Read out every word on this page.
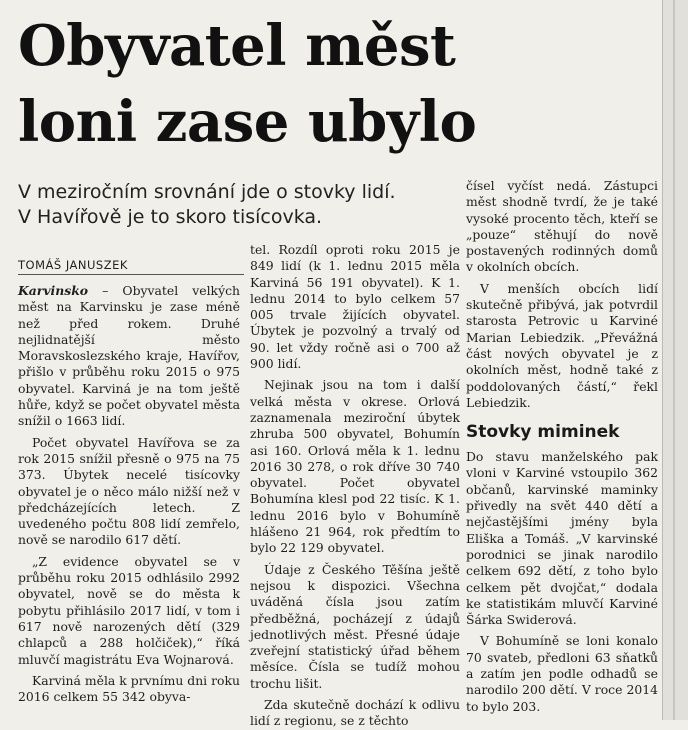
Obyvatel měst
loni zase ubylo
V meziročním srovnání jde o stovky lidí.
V Havířově je to skoro tisícovka.
TOMÁŠ JANUSZEK

Karvinsko – Obyvatel velkých měst na Karvinsku je zase méně než před rokem. Druhé nejlidnatější město Moravskoslezského kraje, Havířov, přišlo v průběhu roku 2015 o 975 obyvatel. Karviná je na tom ještě hůře, když se počet obyvatel města snížil o 1663 lidí.

Počet obyvatel Havířova se za rok 2015 snížil přesně o 975 na 75 373. Úbytek necelé tisícovky obyvatel je o něco málo nižší než v předcházejících letech. Z uvedeného počtu 808 lidí zemřelo, nově se narodilo 617 dětí.

„Z evidence obyvatel se v průběhu roku 2015 odhlásilo 2992 obyvatel, nově se do města k pobytu přihlásilo 2017 lidí, v tom i 617 nově narozených dětí (329 chlapců a 288 holčiček),“ říká mluvčí magistrátu Eva Wojnarová.

Karviná měla k prvnímu dni roku 2016 celkem 55 342 obyva-

tel. Rozdíl oproti roku 2015 je 849 lidí (k 1. lednu 2015 měla Karviná 56 191 obyvatel). K 1. lednu 2014 to bylo celkem 57 005 trvale žijících obyvatel. Úbytek je pozvolný a trvalý od 90. let vždy ročně asi o 700 až 900 lidí.

Nejinak jsou na tom i další velká města v okrese. Orlová zaznamenala meziroční úbytek zhruba 500 obyvatel, Bohumín asi 160. Orlová měla k 1. lednu 2016 30 278, o rok dříve 30 740 obyvatel. Počet obyvatel Bohumína klesl pod 22 tisíc. K 1. lednu 2016 bylo v Bohumíně hlášeno 21 964, rok předtím to bylo 22 129 obyvatel.

Údaje z Českého Těšína ještě nejsou k dispozici. Všechna uváděná čísla jsou zatím předběžná, pocházejí z údajů jednotlivých měst. Přesné údaje zveřejní statistický úřad během měsíce. Čísla se tudíž mohou trochu lišit.

Zda skutečně dochází k odlivu lidí z regionu, se z těchto

čísel vyčíst nedá. Zástupci měst shodně tvrdí, že je také vysoké procento těch, kteří se „pouze“ stěhují do nově postavených rodinných domů v okolních obcích.

V menších obcích lidí skutečně přibývá, jak potvrdil starosta Petrovic u Karviné Marian Lebiedzik. „Převážná část nových obyvatel je z okolních měst, hodně také z poddolovaných částí,“ řekl Lebiedzik.

Stovky miminek

Do stavu manželského pak vloni v Karviné vstoupilo 362 občanů, karvinské maminky přivedly na svět 440 dětí a nejčastějšími jmény byla Eliška a Tomáš. „V karvinské porodnici se jinak narodilo celkem 692 dětí, z toho bylo celkem pět dvojčat,“ dodala ke statistikám mluvčí Karviné Šárka Swiderová.

V Bohumíně se loni konalo 70 svateb, předloni 63 sňatků a zatím jen podle odhadů se narodilo 200 dětí. V roce 2014 to bylo 203.
